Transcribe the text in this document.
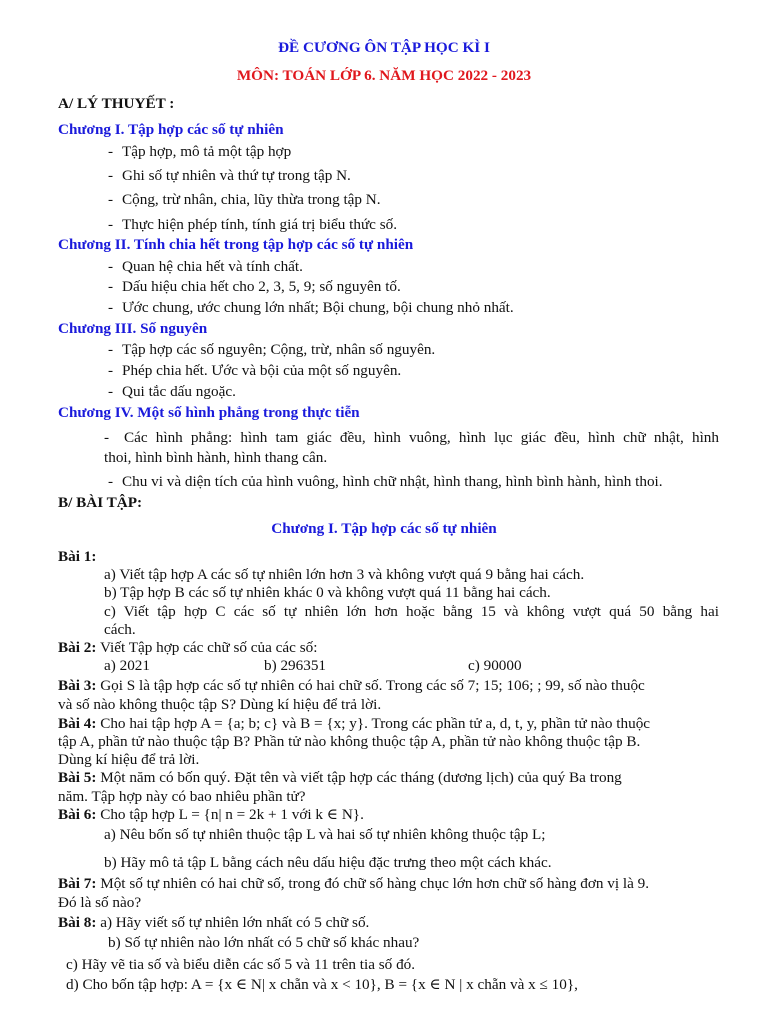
ĐỀ CƯƠNG ÔN TẬP HỌC KÌ I
MÔN: TOÁN LỚP 6. NĂM HỌC 2022 - 2023
A/ LÝ THUYẾT :
Chương I. Tập hợp các số tự nhiên
- Tập hợp, mô tả một tập hợp
- Ghi số tự nhiên và thứ tự trong tập N.
- Cộng, trừ nhân, chia, lũy thừa trong tập N.
- Thực hiện phép tính, tính giá trị biểu thức số.
Chương II. Tính chia hết trong tập hợp các số tự nhiên
- Quan hệ chia hết và tính chất.
- Dấu hiệu chia hết cho 2, 3, 5, 9; số nguyên tố.
- Ước chung, ước chung lớn nhất; Bội chung, bội chung nhỏ nhất.
Chương III. Số nguyên
- Tập hợp các số nguyên; Cộng, trừ, nhân số nguyên.
- Phép chia hết. Ước và bội của một số nguyên.
- Qui tắc dấu ngoặc.
Chương IV. Một số hình phẳng trong thực tiễn
- Các hình phẳng: hình tam giác đều, hình vuông, hình lục giác đều, hình chữ nhật, hình
thoi, hình bình hành, hình thang cân.
- Chu vi và diện tích của hình vuông, hình chữ nhật, hình thang, hình bình hành, hình thoi.
B/ BÀI TẬP:
Chương I. Tập hợp các số tự nhiên
Bài 1:
a) Viết tập hợp A các số tự nhiên lớn hơn 3 và không vượt quá 9 bằng hai cách.
b) Tập hợp B các số tự nhiên khác 0 và không vượt quá 11 bằng hai cách.
c) Viết tập hợp C các số tự nhiên lớn hơn hoặc bằng 15 và không vượt quá 50 bằng hai
cách.
Bài 2: Viết Tập hợp các chữ số của các số:
a) 2021	b) 296351	c) 90000
Bài 3: Gọi S là tập hợp các số tự nhiên có hai chữ số. Trong các số 7; 15; 106; ; 99, số nào thuộc
và số nào không thuộc tập S? Dùng kí hiệu để trả lời.
Bài 4: Cho hai tập hợp A = {a; b; c} và B = {x; y}. Trong các phần tử a, d, t, y, phần tử nào thuộc
tập A, phần tử nào thuộc tập B? Phần tử nào không thuộc tập A, phần tử nào không thuộc tập B.
Dùng kí hiệu để trả lời.
Bài 5: Một năm có bốn quý. Đặt tên và viết tập hợp các tháng (dương lịch) của quý Ba trong
năm. Tập hợp này có bao nhiêu phần tử?
Bài 6: Cho tập hợp L = {n| n = 2k + 1 với k ∈ N}.
a) Nêu bốn số tự nhiên thuộc tập L và hai số tự nhiên không thuộc tập L;
b) Hãy mô tả tập L bằng cách nêu dấu hiệu đặc trưng theo một cách khác.
Bài 7: Một số tự nhiên có hai chữ số, trong đó chữ số hàng chục lớn hơn chữ số hàng đơn vị là 9.
Đó là số nào?
Bài 8: a) Hãy viết số tự nhiên lớn nhất có 5 chữ số.
b) Số tự nhiên nào lớn nhất có 5 chữ số khác nhau?
c) Hãy vẽ tia số và biểu diễn các số 5 và 11 trên tia số đó.
d) Cho bốn tập hợp: A = {x ∈ N| x chẵn và x < 10}, B = {x ∈ N | x chẵn và x ≤ 10},
